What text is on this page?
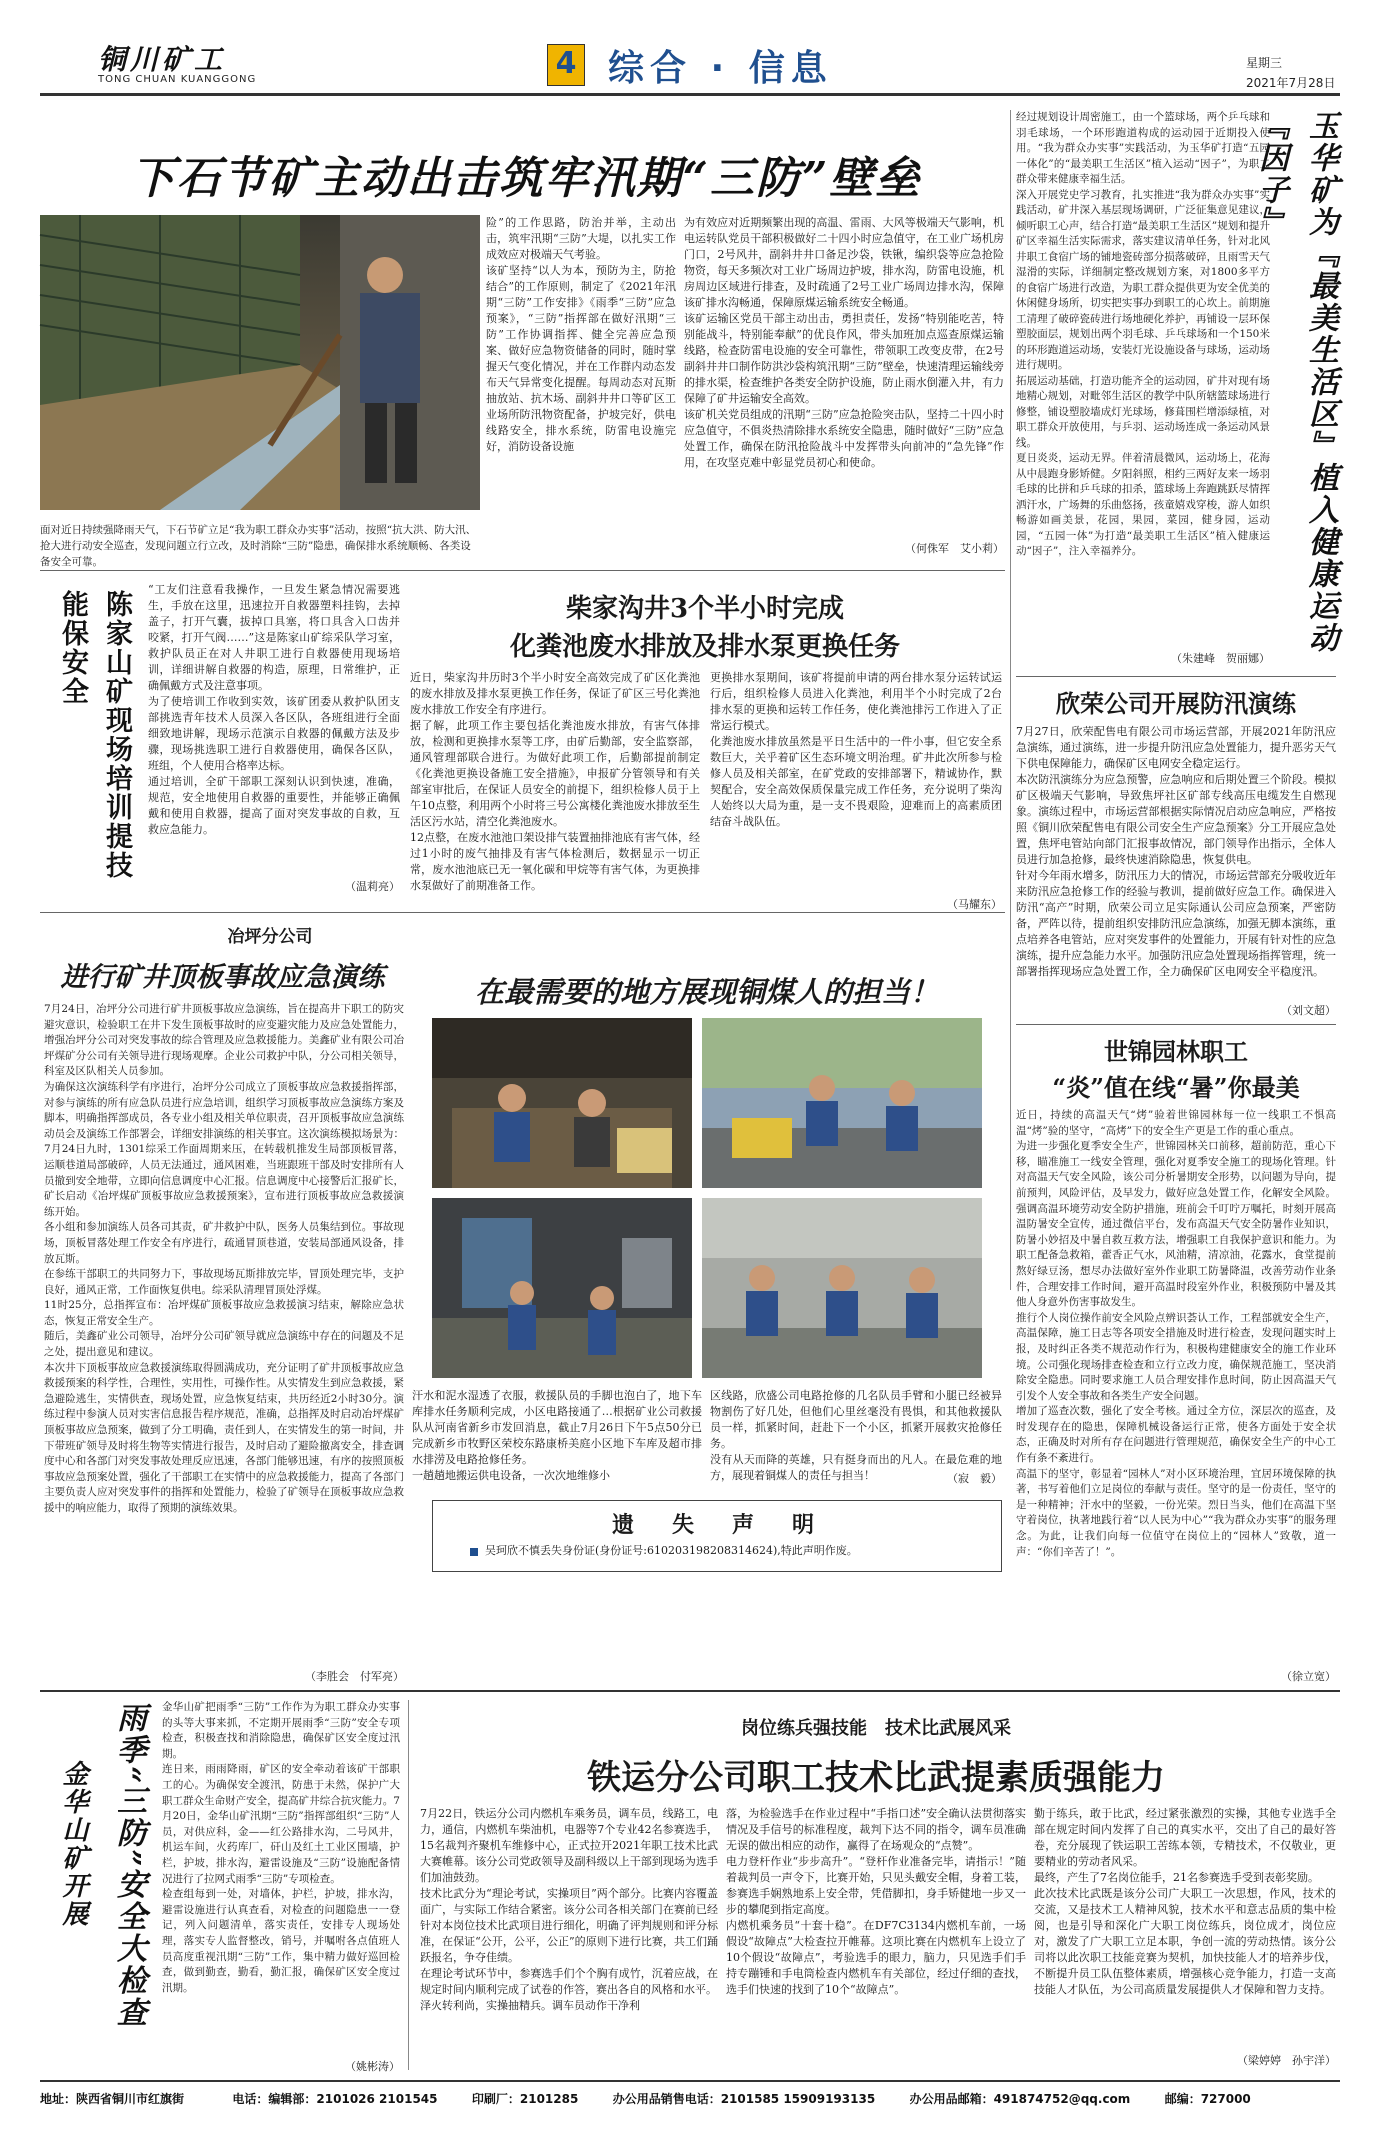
铜川矿工
TONG CHUAN KUANGGONG	4 综合 · 信息	星期三
2021年7月28日
下石节矿主动出击筑牢汛期“三防”壁垒
面对近日持续强降雨天气，下石节矿立足“我为职工群众办实事”活动，按照“抗大洪、防大汛、抢大进行动安全巡查，发现问题立行立改，及时消除“三防”隐患，确保排水系统顺畅、各类设备安全可靠。
险”的工作思路，防治并举，主动出击，筑牢汛期“三防”大堤，以扎实工作成效应对极端天气考验。
该矿坚持“以人为本，预防为主，防抢结合”的工作原则，制定了《2021年汛期“三防”工作安排》《雨季“三防”应急预案》，“三防”指挥部在做好汛期“三防”工作协调指挥、健全完善应急预案、做好应急物资储备的同时，随时掌握天气变化情况，并在工作群内动态发布天气异常变化提醒。每周动态对瓦斯抽放站、抗木场、副斜井井口等矿区工业场所防汛物资配备，护坡完好，供电线路安全，排水系统，防雷电设施完好，消防设备设施
为有效应对近期频繁出现的高温、雷雨、大风等极端天气影响，机电运转队党员干部积极做好二十四小时应急值守，在工业广场机房门口，2号风井，副斜井井口备足沙袋，铁锹，编织袋等应急抢险物资，每天多频次对工业广场周边护坡，排水沟，防雷电设施，机房周边区域进行排查，及时疏通了2号工业广场周边排水沟，保障该矿排水沟畅通，保障原煤运输系统安全畅通。
该矿运输区党员干部主动出击，勇担责任，发扬“特别能吃苦，特别能战斗，特别能奉献”的优良作风，带头加班加点巡查原煤运输线路，检查防雷电设施的安全可靠性，带领职工改变皮带，在2号副斜井井口制作防洪沙袋构筑汛期“三防”壁垒，快速清理运输线旁的排水渠，检查维护各类安全防护设施，防止雨水倒灌入井，有力保障了矿井运输安全高效。
该矿机关党员组成的汛期“三防”应急抢险突击队，坚持二十四小时应急值守，不俱炎热清除排水系统安全隐患，随时做好“三防”应急处置工作，确保在防汛抢险战斗中发挥带头向前冲的“急先锋”作用，在攻坚克难中彰显党员初心和使命。
（何侏军　艾小莉）
经过规划设计周密施工，由一个篮球场，两个乒乓球和羽毛球场，一个环形跑道构成的运动园于近期投入使用。“我为群众办实事”实践活动，为玉华矿打造“五园一体化”的“最美职工生活区”植入运动“因子”，为职工群众带来健康幸福生活。
深入开展党史学习教育，扎实推进“我为群众办实事”实践活动，矿井深入基层现场调研，广泛征集意见建议，倾听职工心声，结合打造“最美职工生活区”规划和提升矿区幸福生活实际需求，落实建议清单任务，针对北风井职工食宿广场的铺地瓷砖部分损落破碎，且雨雪天气湿滑的实际，详细制定整改规划方案，对1800多平方的食宿广场进行改造，为职工群众提供更为安全优美的休闲健身场所，切实把实事办到职工的心坎上。前期施工清理了破碎瓷砖进行场地硬化养护，再铺设一层环保塑胶面层，规划出两个羽毛球、乒乓球场和一个150米的环形跑道运动场，安装灯光设施设备与球场，运动场进行规明。
拓展运动基础，打造功能齐全的运动园，矿井对现有场地精心规划，对毗邻生活区的教学中队所辖篮球场进行修整，铺设塑胶墙成灯光球场，修葺围栏增添绿植，对职工群众开放使用，与乒羽、运动场连成一条运动风景线。
夏日炎炎，运动无界。伴着清晨微风，运动场上，花海从中晨跑身影矫健。夕阳斜照，相约三两好友来一场羽毛球的比拼和乒乓球的扣杀，篮球场上奔跑跳跃尽情挥洒汗水，广场舞的乐曲悠扬，孩童嬉戏穿梭，游人如织畅游如画美景，花园，果园，菜园，健身园，运动园，“五园一体”为打造“最美职工生活区”植入健康运动“因子”，注入幸福养分。
（朱建峰　贺丽娜）
玉华矿为『最美生活区』植入健康运动『因子』
陈家山矿现场培训提技能保安全
“工友们注意看我操作，一旦发生紧急情况需要逃生，手放在这里，迅速拉开自救器塑料挂钩，去掉盖子，打开气囊，拔掉口具塞，将口具含入口齿并咬紧，打开气阀……”这是陈家山矿综采队学习室，救护队员正在对人井职工进行自救器使用现场培训，详细讲解自救器的构造，原理，日常维护，正确佩戴方式及注意事项。
为了使培训工作收到实效，该矿团委从救护队团支部挑选青年技术人员深入各区队，各班组进行全面细致地讲解，现场示范演示自救器的佩戴方法及步骤，现场挑选职工进行自救器使用，确保各区队，班组，个人使用合格率达标。
通过培训，全矿干部职工深刻认识到快速，准确，规范，安全地使用自救器的重要性，并能够正确佩戴和使用自救器，提高了面对突发事故的自救，互救应急能力。
（温莉亮）
柴家沟井3个半小时完成
化粪池废水排放及排水泵更换任务
近日，柴家沟井历时3个半小时安全高效完成了矿区化粪池的废水排放及排水泵更换工作任务，保证了矿区三号化粪池废水排放工作安全有序进行。
据了解，此项工作主要包括化粪池废水排放，有害气体排放，检测和更换排水泵等工序，由矿后勤部，安全监察部，通风管理部联合进行。为做好此项工作，后勤部提前制定《化粪池更换设备施工安全措施》，申报矿分管领导和有关部室审批后，在保证人员安全的前提下，组织检修人员于上午10点整，利用两个小时将三号公寓楼化粪池废水排放至生活区污水站，清空化粪池废水。
12点整，在废水池池口架设排气装置抽排池底有害气体，经过1小时的废气抽排及有害气体检测后，数据显示一切正常，废水池池底已无一氧化碳和甲烷等有害气体，为更换排水泵做好了前期准备工作。
更换排水泵期间，该矿将提前申请的两台排水泵分运转试运行后，组织检修人员进入化粪池，利用半个小时完成了2台排水泵的更换和运转工作任务，使化粪池排污工作进入了正常运行模式。
化粪池废水排放虽然是平日生活中的一件小事，但它安全系数巨大，关乎着矿区生态环境文明治理。矿井此次所参与检修人员及相关部室，在矿党政的安排部署下，精诚协作，默契配合，安全高效保质保量完成工作任务，充分说明了柴沟人始终以大局为重，是一支不畏艰险，迎难而上的高素质团结奋斗战队伍。
（马耀东）
欣荣公司开展防汛演练
7月27日，欣荣配售电有限公司市场运营部，开展2021年防汛应急演练，通过演练，进一步提升防汛应急处置能力，提升恶劣天气下供电保障能力，确保矿区电网安全稳定运行。
本次防汛演练分为应急预警，应急响应和后期处置三个阶段。模拟矿区极端天气影响，导致焦坪社区矿部专线高压电缆发生自燃现象。演练过程中，市场运营部根据实际情况启动应急响应，严格按照《铜川欣荣配售电有限公司安全生产应急预案》分工开展应急处置，焦坪电管站向部门汇报事故情况，部门领导作出指示，全体人员进行加急抢修，最终快速消除隐患，恢复供电。
针对今年雨水增多，防汛压力大的情况，市场运营部充分吸收近年来防汛应急抢修工作的经验与教训，提前做好应急工作。确保进入防汛“高产”时期，欣荣公司立足实际通认公司应急预案，严密防备，严阵以待，提前组织安排防汛应急演练，加强无脚本演练，重点培养各电管站，应对突发事件的处置能力，开展有针对性的应急演练，提升应急能力水平。加强防汛应急处置现场指挥管理，统一部署指挥现场应急处置工作，全力确保矿区电网安全平稳度汛。
（刘文超）
冶坪分公司
进行矿井顶板事故应急演练
7月24日，冶坪分公司进行矿井顶板事故应急演练，旨在提高井下职工的防灾避灾意识，检验职工在井下发生顶板事故时的应变避灾能力及应急处置能力，增强冶坪分公司对突发事故的综合管理及应急救援能力。美鑫矿业有限公司冶坪煤矿分公司有关领导进行现场观摩。企业公司救护中队，分公司相关领导，科室及区队相关人员参加。
为确保这次演练科学有序进行，冶坪分公司成立了顶板事故应急救援指挥部，对参与演练的所有应急队员进行应急培训，组织学习顶板事故应急演练方案及脚本，明确指挥部成员，各专业小组及相关单位职责，召开顶板事故应急演练动员会及演练工作部署会，详细安排演练的相关事宜。这次演练模拟场景为：7月24日九时，1301综采工作面周期来压，在转载机推发生局部顶板冒落，运顺巷道局部破碎，人员无法通过，通风困难，当班跟班干部及时安排所有人员撤到安全地带，立即向信息调度中心汇报。信息调度中心接警后汇报矿长，矿长启动《冶坪煤矿顶板事故应急救援预案》，宣布进行顶板事故应急救援演练开始。
各小组和参加演练人员各司其责，矿井救护中队，医务人员集结到位。事故现场，顶板冒落处理工作安全有序进行，疏通冒顶巷道，安装局部通风设备，排放瓦斯。
在参练干部职工的共同努力下，事故现场瓦斯排放完毕，冒顶处理完毕，支护良好，通风正常，工作面恢复供电。综采队清理冒顶处浮煤。
11时25分，总指挥宣布：冶坪煤矿顶板事故应急救援演习结束，解除应急状态，恢复正常安全生产。
随后，美鑫矿业公司领导，冶坪分公司矿领导就应急演练中存在的问题及不足之处，提出意见和建议。
本次井下顶板事故应急救援演练取得圆满成功，充分证明了矿井顶板事故应急救援预案的科学性，合理性，实用性，可操作性。从实情发生到应急救援，紧急避险逃生，实情供查，现场处置，应急恢复结束，共历经近2小时30分。演练过程中参演人员对实害信息报告程序规范，准确，总指挥及时启动冶坪煤矿顶板事故应急预案，做到了分工明确，责任到人，在实情发生的第一时间，井下带班矿领导及时将生物等实情进行报告，及时启动了避险撤离安全，排查调度中心和各部门对突发事故处理反应迅速，各部门能够迅速，有序的按照顶板事故应急预案处置，强化了干部职工在实情中的应急救援能力，提高了各部门主要负责人应对突发事件的指挥和处置能力，检验了矿领导在顶板事故应急救援中的响应能力，取得了预期的演练效果。
（李胜会　付军亮）
在最需要的地方展现铜煤人的担当！
汗水和泥水湿透了衣服，救援队员的手脚也泡白了，地下车库排水任务顺利完成，小区电路接通了…根据矿业公司救援队从河南省新乡市发回消息，截止7月26日下午5点50分已完成新乡市牧野区荣校东路康桥美庭小区地下车库及超市排水排涝及电路抢修任务。
一趟趟地搬运供电设备，一次次地维修小
区线路，欣盛公司电路抢修的几名队员手臂和小腿已经被异物割伤了好几处，但他们心里丝毫没有畏惧，和其他救援队员一样，抓紧时间，赶赴下一个小区，抓紧开展救灾抢修任务。
没有从天而降的英雄，只有挺身而出的凡人。在最危难的地方，展现着铜煤人的责任与担当！	（寂　毅）
遗　失　声　明
吴珂欣不慎丢失身份证(身份证号:610203198208314624),特此声明作废。
世锦园林职工
“炎”值在线“暑”你最美
近日，持续的高温天气“烤”验着世锦园林每一位一线职工不惧高温“烤”验的坚守，“高烤”下的安全生产更是工作的重心重点。
为进一步强化夏季安全生产，世锦园林关口前移，超前防范，重心下移，瞄准施工一线安全管理，强化对夏季安全施工的现场化管理。针对高温天气安全风险，该公司分析暑期安全形势，以问题为导向，提前预判，风险评估，及早发力，做好应急处置工作，化解安全风险。强调高温环境劳动安全防护措施，班前会千叮咛万嘱托，时刻开展高温防暑安全宣传，通过微信平台，发布高温天气安全防暑作业知识，防暑小妙招及中暑自救互救方法，增强职工自我保护意识和能力。为职工配备急救箱，藿香正气水，风油精，清凉油，花露水，食堂提前熬好绿豆汤，想尽办法做好室外作业职工防暑降温，改善劳动作业条件，合理安排工作时间，避开高温时段室外作业，积极预防中暑及其他人身意外伤害事故发生。
推行个人岗位操作前安全风险点辨识荟认工作，工程部就安全生产，高温保障，施工日志等各项安全措施及时进行检查，发现问题实时上报，及时纠正各类不规范动作行为，积极构建健康安全的施工作业环境。公司强化现场排查检查和立行立改力度，确保规范施工，坚决消除安全隐患。同时要求施工人员合理安排作息时间，防止因高温天气引发个人安全事故和各类生产安全问题。
增加了巡查次数，强化了安全考核。通过全方位，深层次的巡查，及时发现存在的隐患，保障机械设备运行正常，使各方面处于安全状态，正确及时对所有存在问题进行管理规范，确保安全生产的中心工作有条不紊进行。
高温下的坚守，彰显着“园林人”对小区环境治理，宜居环境保障的执著，书写着他们立足岗位的奉献与责任。坚守的是一份责任，坚守的是一种精神；汗水中的坚毅，一份光荣。烈日当头，他们在高温下坚守着岗位，执著地践行着“以人民为中心”“我为群众办实事”的服务理念。为此，让我们向每一位值守在岗位上的“园林人”致敬，道一声：“你们辛苦了！”。
（徐立宽）
雨季“三防”安全大检查
金华山矿开展
金华山矿把雨季“三防”工作作为为职工群众办实事的头等大事来抓，不定期开展雨季“三防”安全专项检查，积极查找和消除隐患，确保矿区安全度过汛期。
连日来，雨雨降雨，矿区的安全牵动着该矿干部职工的心。为确保安全渡汛，防患于未然，保护广大职工群众生命财产安全，提高矿井综合抗灾能力。7月20日，金华山矿汛期“三防”指挥部组织“三防”人员，对供应科，金——红公路排水沟，二号风井，机运车间，火药库厂，矸山及红土工业区围墙，护栏，护坡，排水沟，避雷设施及“三防”设施配备情况进行了拉网式雨季“三防”专项检查。
检查组每到一处，对墙体，护栏，护坡，排水沟，避雷设施进行认真查看，对检查的问题隐患一一登记，列入问题清单，落实责任，安排专人现场处理，落实专人监督整改，销号，并嘱咐各点值班人员高度重视汛期“三防”工作，集中精力做好巡回检查，做到勤查，勤看，勤汇报，确保矿区安全度过汛期。
（姚彬涛）
岗位练兵强技能　技术比武展风采
铁运分公司职工技术比武提素质强能力
7月22日，铁运分公司内燃机车乘务员，调车员，线路工，电力，通信，内燃机车柴油机，电器等7个专业42名参赛选手，15名裁判齐聚机车维修中心，正式拉开2021年职工技术比武大赛帷幕。该分公司党政领导及副科级以上干部到现场为选手们加油鼓劲。
技术比武分为“理论考试，实操项目”两个部分。比赛内容覆盖面广，与实际工作结合紧密。该分公司各相关部门在赛前已经针对本岗位技术比武项目进行细化，明确了评判规则和评分标准，在保证“公开，公平，公正”的原则下进行比赛，共工们踊跃报名，争夺佳绩。
在理论考试环节中，参赛选手们个个胸有成竹，沉着应战，在规定时间内顺利完成了试卷的作答，赛出各自的风格和水平。
泽火转利尚，实操抽精兵。调车员动作干净利
落，为检验选手在作业过程中“手指口述”安全确认法贯彻落实情况及手信号的标准程度，裁判下达不同的指令，调车员准确无误的做出相应的动作，赢得了在场观众的“点赞”。
电力登杆作业“步步高升”。“登杆作业准备完毕，请指示！”随着裁判员一声令下，比赛开始，只见头戴安全帽，身着工装，参赛选手娴熟地系上安全带，凭借脚扣，身手矫健地一步又一步的攀爬到指定高度。
内燃机乘务员“十套十稳”。在DF7C3134内燃机车前，一场假设“故障点”大检查拉开帷幕。这项比赛在内燃机车上设立了10个假设“故障点”，考验选手的眼力，脑力，只见选手们手持专蹦锤和手电筒检查内燃机车有关部位，经过仔细的查找，选手们快速的找到了10个“故障点”。
勤于练兵，敢于比武，经过紧张激烈的实操，其他专业选手全部在规定时间内发挥了自己的真实水平，交出了自己的最好答卷，充分展现了铁运职工苦练本领，专精技术，不仅敬业，更要精业的劳动者风采。
最终，产生了7名岗位能手，21名参赛选手受到表彰奖励。
此次技术比武既是该分公司广大职工一次思想，作风，技术的交流，又是技术工人精神风貌，技术水平和意志品质的集中检阅，也是引导和深化广大职工岗位练兵，岗位成才，岗位应对，激发了广大职工立足本职，争创一流的劳动热情。该分公司将以此次职工技能竞赛为契机，加快技能人才的培养步伐，不断提升员工队伍整体素质，增强核心竞争能力，打造一支高技能人才队伍，为公司高质量发展提供人才保障和智力支持。
（梁婷婷　孙宇洋）
地址：陕西省铜川市红旗街	电话：编辑部：2101026 2101545	印刷厂：2101285	办公用品销售电话：2101585 15909193135	办公用品邮箱：491874752@qq.com	邮编：727000
